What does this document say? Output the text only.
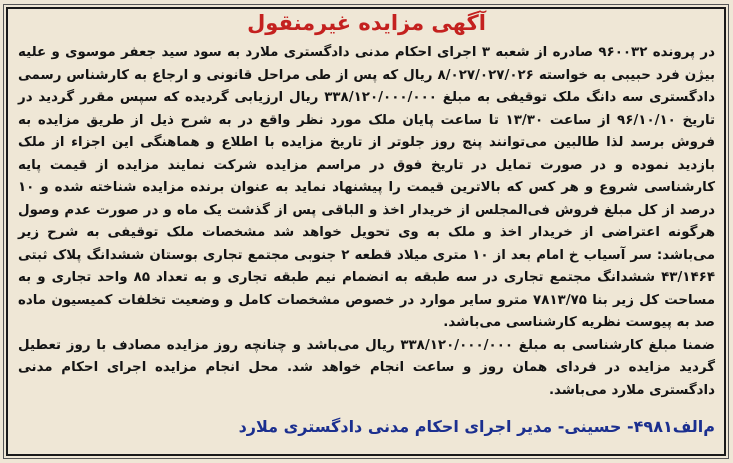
آگهی مزایده غیرمنقول

در پرونده ۹۶۰۰۳۲ صادره از شعبه ۳ اجرای احکام مدنی دادگستری ملارد به سود سید جعفر موسوی و علیه بیژن فرد حبیبی به خواسته ۸/۰۲۷/۰۲۷/۰۲۶ ریال که پس از طی مراحل قانونی و ارجاع به کارشناس رسمی دادگستری سه دانگ ملک توقیفی به مبلغ ۳۳۸/۱۲۰/۰۰۰/۰۰۰ ریال ارزیابی گردیده که سپس مقرر گردید در تاریخ ۹۶/۱۰/۱۰ از ساعت ۱۳/۳۰ تا ساعت پایان ملک مورد نظر واقع در به شرح ذیل از طریق مزایده به فروش برسد لذا طالبین می‌توانند پنج روز جلوتر از تاریخ مزایده با اطلاع و هماهنگی این اجزاء از ملک بازدید نموده و در صورت تمایل در تاریخ فوق در مراسم مزایده شرکت نمایند مزایده از قیمت پایه کارشناسی شروع و هر کس که بالاترین قیمت را پیشنهاد نماید به عنوان برنده مزایده شناخته شده و ۱۰ درصد از کل مبلغ فروش فی‌المجلس از خریدار اخذ و الباقی پس از گذشت یک ماه و در صورت عدم وصول هرگونه اعتراضی از خریدار اخذ و ملک به وی تحویل خواهد شد مشخصات ملک توقیفی به شرح زیر می‌باشد: سر آسیاب خ امام بعد از ۱۰ متری میلاد قطعه ۲ جنوبی مجتمع تجاری بوستان ششدانگ پلاک ثبتی ۴۳/۱۴۶۴ ششدانگ مجتمع تجاری در سه طبقه به انضمام نیم طبقه تجاری و به تعداد ۸۵ واحد تجاری و به مساحت کل زیر بنا ۷۸۱۳/۷۵ مترو سایر موارد در خصوص مشخصات کامل و وضعیت تخلفات کمیسیون ماده صد به پیوست نظریه کارشناسی می‌باشد.

ضمنا مبلغ کارشناسی به مبلغ ۳۳۸/۱۲۰/۰۰۰/۰۰۰ ریال می‌باشد و چنانچه روز مزایده مصادف با روز تعطیل گردید مزایده در فردای همان روز و ساعت انجام خواهد شد. محل انجام مزایده اجرای احکام مدنی دادگستری ملارد می‌باشد.

م‌الف۴۹۸۱- حسینی- مدیر اجرای احکام مدنی دادگستری ملارد
